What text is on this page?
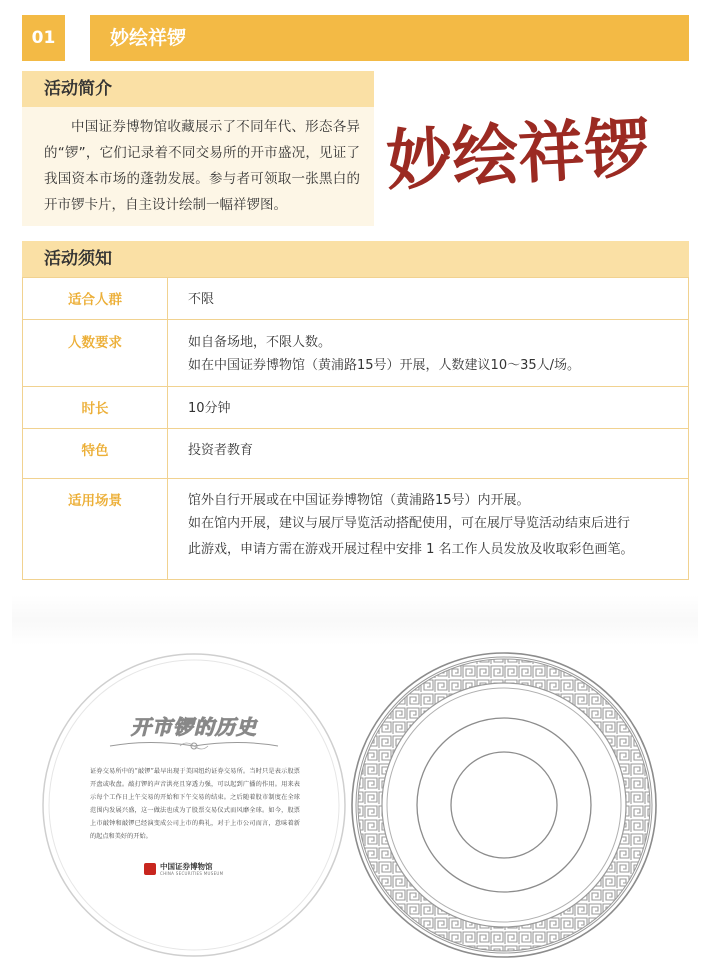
01	妙绘祥锣
活动简介
中国证券博物馆收藏展示了不同年代、形态各异的“锣”，它们记录着不同交易所的开市盛况，见证了我国资本市场的蓬勃发展。参与者可领取一张黑白的开市锣卡片，自主设计绘制一幅祥锣图。
妙绘祥锣
活动须知
适合人群	不限

人数要求	如自备场地，不限人数。
如在中国证券博物馆（黄浦路15号）开展，人数建议10～35人/场。

时长	10分钟

特色	投资者教育

适用场景	馆外自行开展或在中国证券博物馆（黄浦路15号）内开展。
如在馆内开展，建议与展厅导览活动搭配使用，可在展厅导览活动结束后进行
此游戏，申请方需在游戏开展过程中安排 1 名工作人员发放及收取彩色画笔。
开市锣的历史
证券交易所中的“敲锣”最早出现于美国纽约证券交易所。当时只是表示股票开盘或收盘。敲打锣的声音洪亮且穿透力强，可以起到广播的作用。用来表示每个工作日上午交易的开始和下午交易的结束。之后随着股市制度在全球范围内发展兴盛，这一做法也成为了股票交易仪式而风靡全球。如今，股票上市敲钟和敲锣已经演变成公司上市的典礼，对于上市公司而言，意味着新的起点和美好的开始。
中国证券博物馆
CHINA SECURITIES MUSEUM
